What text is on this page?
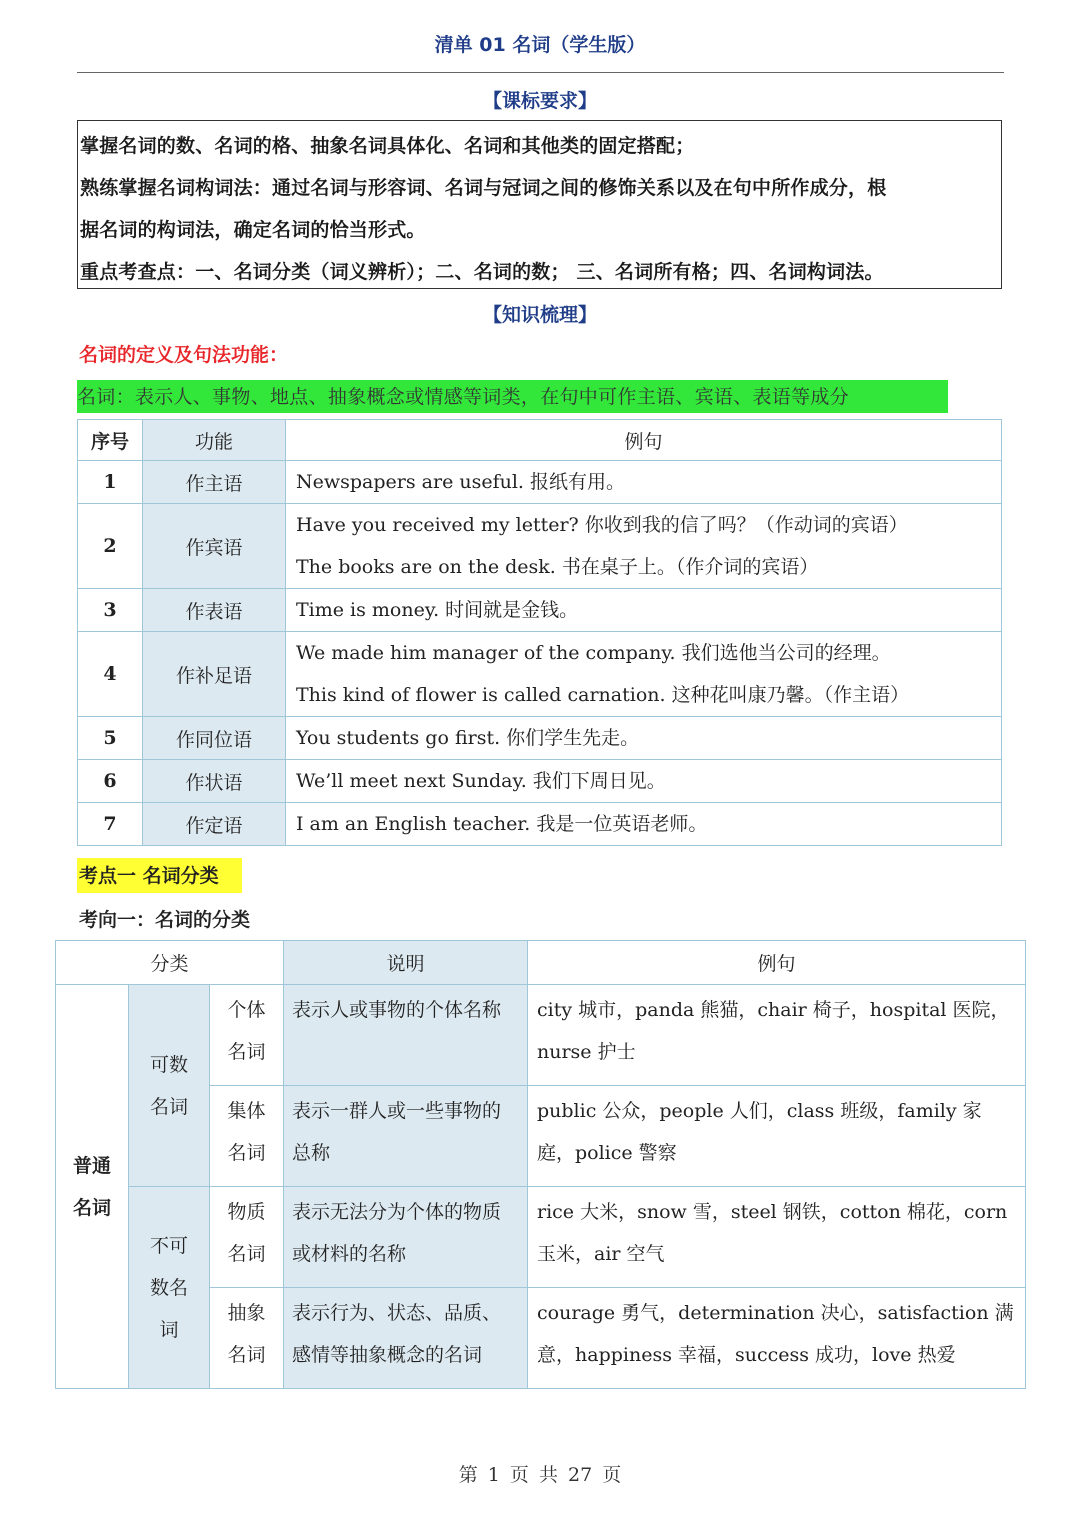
清单 01 名词（学生版）
【课标要求】
掌握名词的数、名词的格、抽象名词具体化、名词和其他类的固定搭配；
熟练掌握名词构词法：通过名词与形容词、名词与冠词之间的修饰关系以及在句中所作成分，根
据名词的构词法，确定名词的恰当形式。
重点考查点：一、名词分类（词义辨析）；二、名词的数； 三、名词所有格；四、名词构词法。
【知识梳理】
名词的定义及句法功能：
名词：表示人、事物、地点、抽象概念或情感等词类，在句中可作主语、宾语、表语等成分
序号	功能	例句
1	作主语	Newspapers are useful. 报纸有用。

2	作宾语	Have you received my letter? 你收到我的信了吗？（作动词的宾语）
The books are on the desk. 书在桌子上。（作介词的宾语）

3	作表语	Time is money. 时间就是金钱。

4	作补足语	We made him manager of the company. 我们选他当公司的经理。
This kind of flower is called carnation. 这种花叫康乃馨。（作主语）

5	作同位语	You students go first. 你们学生先走。

6	作状语	We’ll meet next Sunday. 我们下周日见。

7	作定语	I am an English teacher. 我是一位英语老师。
考点一 名词分类
考向一：名词的分类
分类			说明	例句

普通名词	可数名词	个体名词	表示人或事物的个体名称	city 城市，panda 熊猫，chair 椅子，hospital 医院，nurse 护士

		集体名词	表示一群人或一些事物的总称	public 公众，people 人们，class 班级，family 家庭，police 警察

	不可数名词	物质名词	表示无法分为个体的物质或材料的名称	rice 大米，snow 雪，steel 钢铁，cotton 棉花，corn 玉米，air 空气

		抽象名词	表示行为、状态、品质、感情等抽象概念的名词	courage 勇气，determination 决心，satisfaction 满意，happiness 幸福，success 成功，love 热爱
第 1 页 共 27 页
